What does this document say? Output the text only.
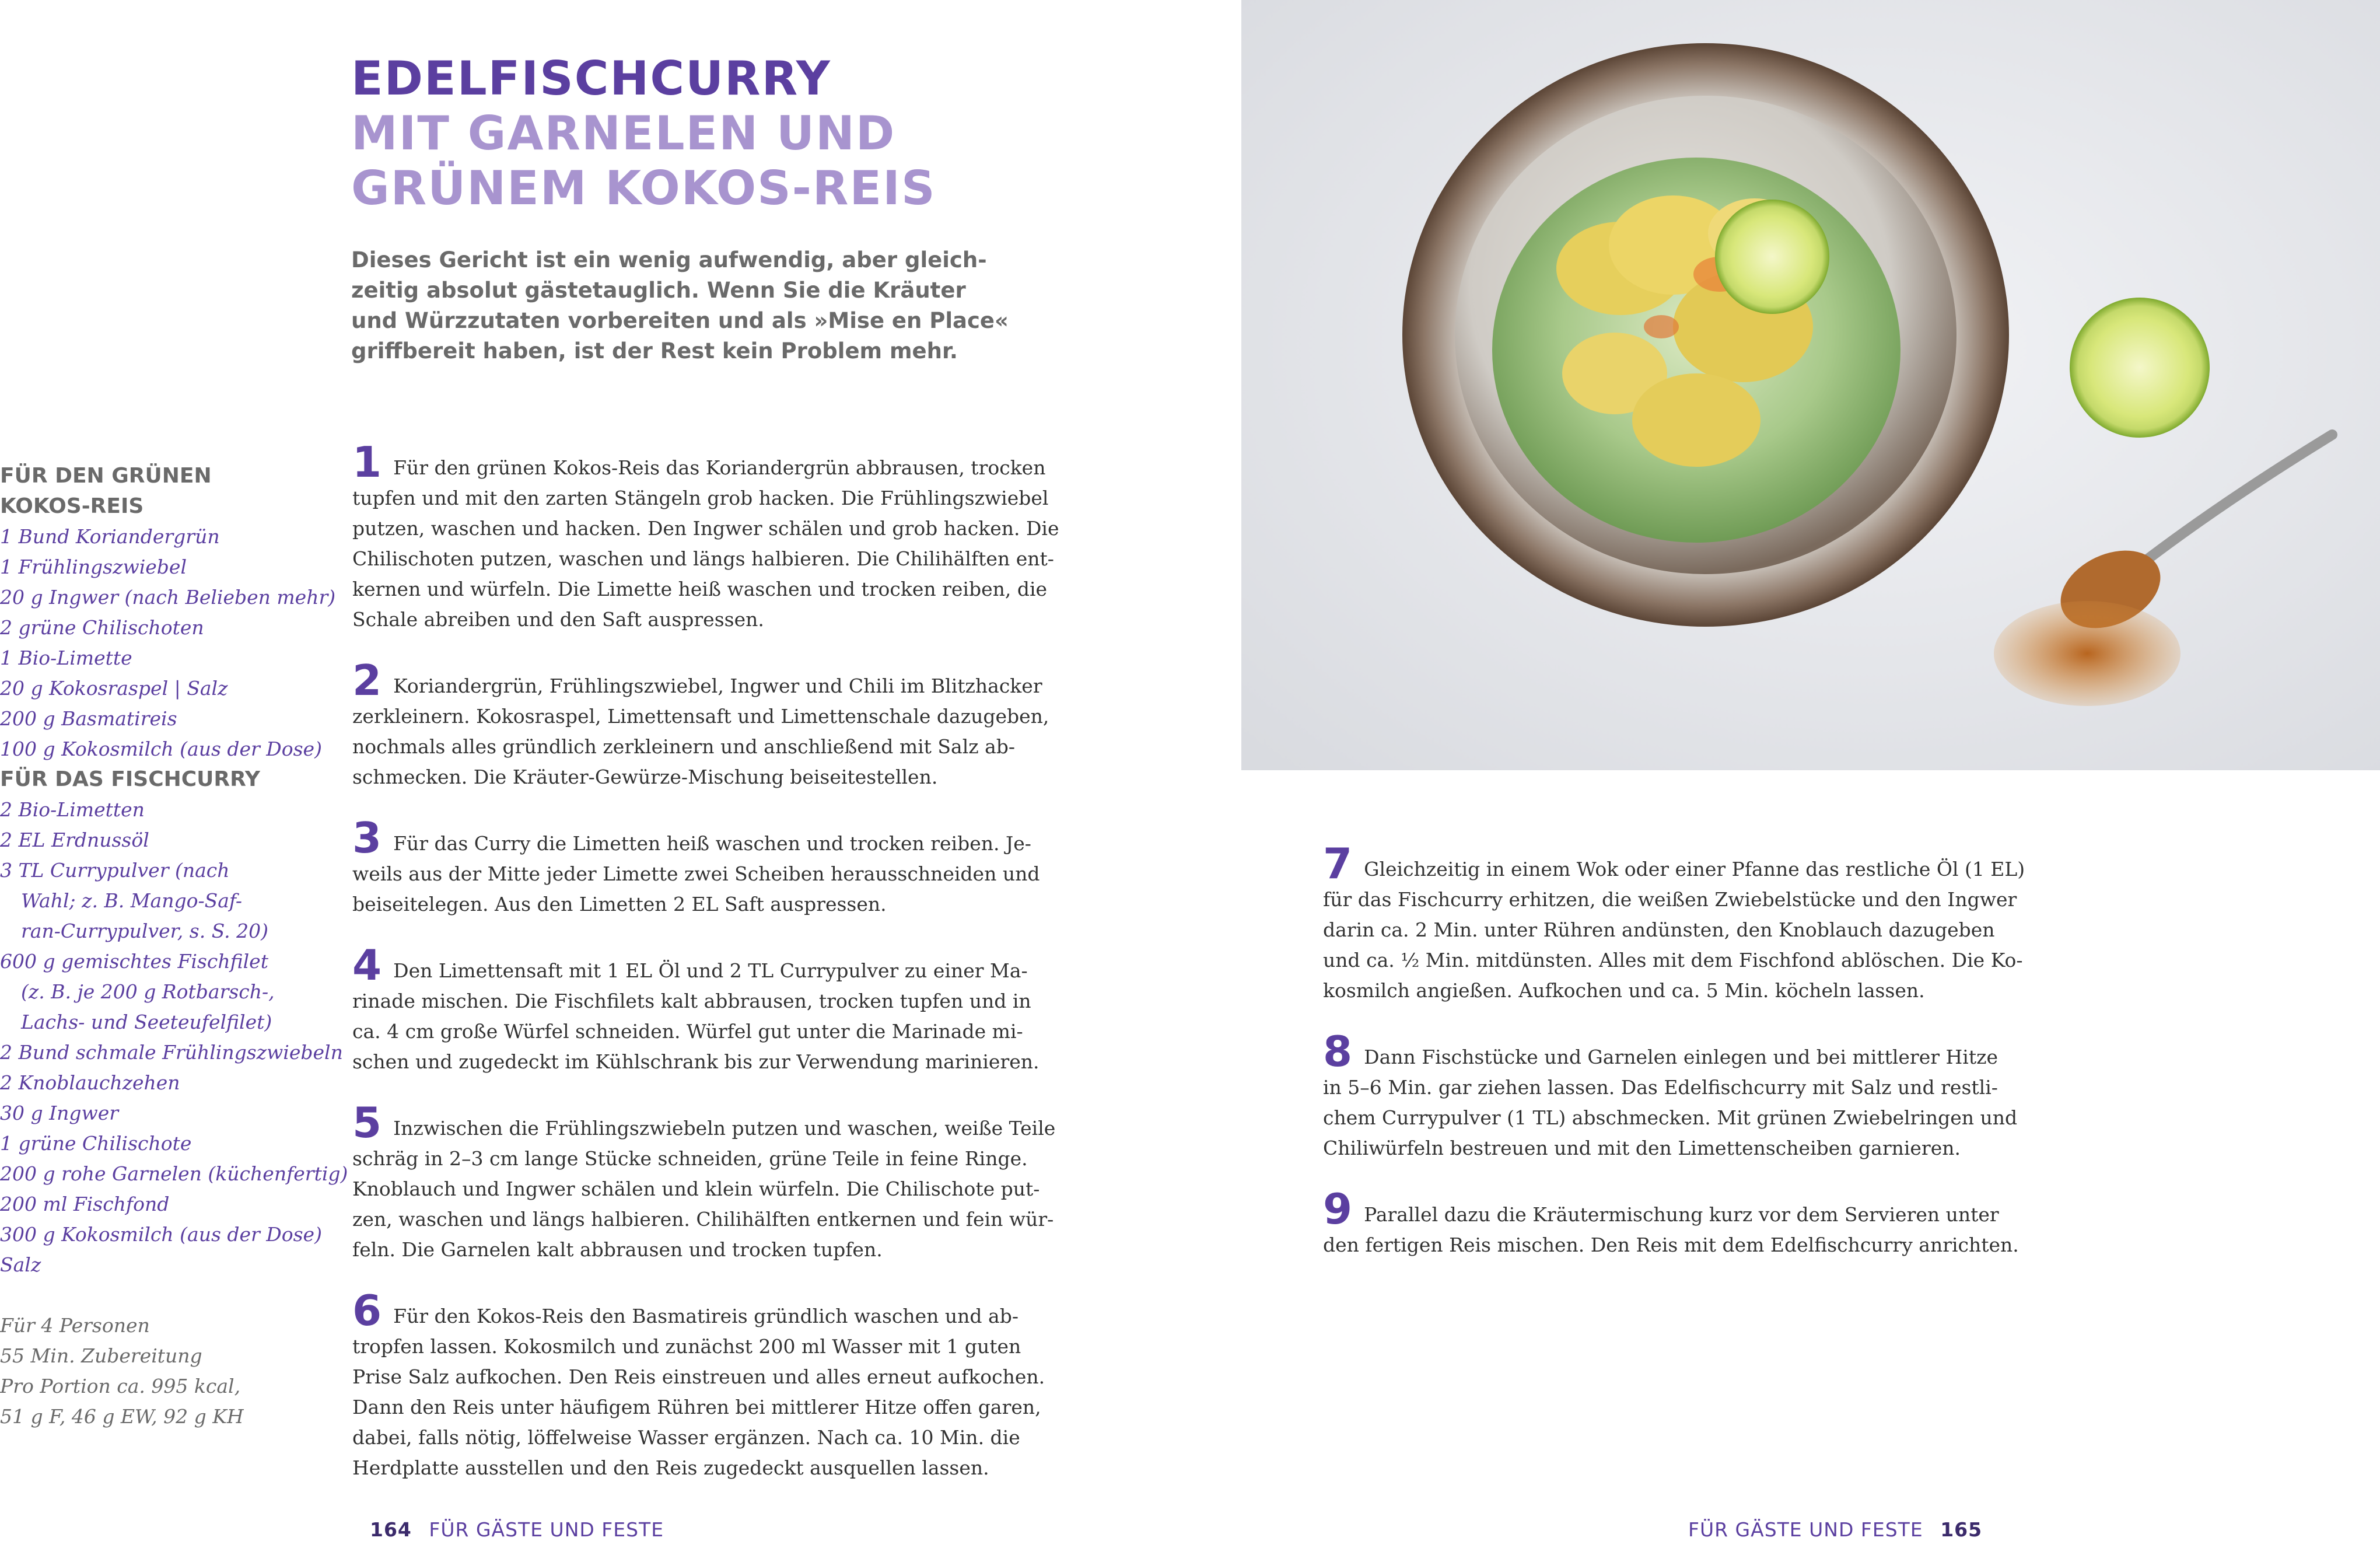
EDELFISCHCURRY
MIT GARNELEN UND
GRÜNEM KOKOS-REIS
Dieses Gericht ist ein wenig aufwendig, aber gleich-
zeitig absolut gästetauglich. Wenn Sie die Kräuter
und Würzzutaten vorbereiten und als »Mise en Place«
griffbereit haben, ist der Rest kein Problem mehr.
FÜR DEN GRÜNEN
KOKOS-REIS
1 Bund Koriandergrün
1 Frühlingszwiebel
20 g Ingwer (nach Belieben mehr)
2 grüne Chilischoten
1 Bio-Limette
20 g Kokosraspel | Salz
200 g Basmatireis
100 g Kokosmilch (aus der Dose)
FÜR DAS FISCHCURRY
2 Bio-Limetten
2 EL Erdnussöl
3 TL Currypulver (nach
Wahl; z. B. Mango-Saf-
ran-Currypulver, s. S. 20)
600 g gemischtes Fischfilet
(z. B. je 200 g Rotbarsch-,
Lachs- und Seeteufelfilet)
2 Bund schmale Frühlingszwiebeln
2 Knoblauchzehen
30 g Ingwer
1 grüne Chilischote
200 g rohe Garnelen (küchenfertig)
200 ml Fischfond
300 g Kokosmilch (aus der Dose)
Salz
Für 4 Personen
55 Min. Zubereitung
Pro Portion ca. 995 kcal,
51 g F, 46 g EW, 92 g KH
1 Für den grünen Kokos-Reis das Koriandergrün abbrausen, trocken
tupfen und mit den zarten Stängeln grob hacken. Die Frühlingszwiebel
putzen, waschen und hacken. Den Ingwer schälen und grob hacken. Die
Chilischoten putzen, waschen und längs halbieren. Die Chilihälften ent-
kernen und würfeln. Die Limette heiß waschen und trocken reiben, die
Schale abreiben und den Saft auspressen.
2 Koriandergrün, Frühlingszwiebel, Ingwer und Chili im Blitzhacker
zerkleinern. Kokosraspel, Limettensaft und Limettenschale dazugeben,
nochmals alles gründlich zerkleinern und anschließend mit Salz ab-
schmecken. Die Kräuter-Gewürze-Mischung beiseitestellen.
3 Für das Curry die Limetten heiß waschen und trocken reiben. Je-
weils aus der Mitte jeder Limette zwei Scheiben herausschneiden und
beiseitelegen. Aus den Limetten 2 EL Saft auspressen.
4 Den Limettensaft mit 1 EL Öl und 2 TL Currypulver zu einer Ma-
rinade mischen. Die Fischfilets kalt abbrausen, trocken tupfen und in
ca. 4 cm große Würfel schneiden. Würfel gut unter die Marinade mi-
schen und zugedeckt im Kühlschrank bis zur Verwendung marinieren.
5 Inzwischen die Frühlingszwiebeln putzen und waschen, weiße Teile
schräg in 2–3 cm lange Stücke schneiden, grüne Teile in feine Ringe.
Knoblauch und Ingwer schälen und klein würfeln. Die Chilischote put-
zen, waschen und längs halbieren. Chilihälften entkernen und fein wür-
feln. Die Garnelen kalt abbrausen und trocken tupfen.
6 Für den Kokos-Reis den Basmatireis gründlich waschen und ab-
tropfen lassen. Kokosmilch und zunächst 200 ml Wasser mit 1 guten
Prise Salz aufkochen. Den Reis einstreuen und alles erneut aufkochen.
Dann den Reis unter häufigem Rühren bei mittlerer Hitze offen garen,
dabei, falls nötig, löffelweise Wasser ergänzen. Nach ca. 10 Min. die
Herdplatte ausstellen und den Reis zugedeckt ausquellen lassen.
7 Gleichzeitig in einem Wok oder einer Pfanne das restliche Öl (1 EL)
für das Fischcurry erhitzen, die weißen Zwiebelstücke und den Ingwer
darin ca. 2 Min. unter Rühren andünsten, den Knoblauch dazugeben
und ca. ½ Min. mitdünsten. Alles mit dem Fischfond ablöschen. Die Ko-
kosmilch angießen. Aufkochen und ca. 5 Min. köcheln lassen.
8 Dann Fischstücke und Garnelen einlegen und bei mittlerer Hitze
in 5–6 Min. gar ziehen lassen. Das Edelfischcurry mit Salz und restli-
chem Currypulver (1 TL) abschmecken. Mit grünen Zwiebelringen und
Chiliwürfeln bestreuen und mit den Limettenscheiben garnieren.
9 Parallel dazu die Kräutermischung kurz vor dem Servieren unter
den fertigen Reis mischen. Den Reis mit dem Edelfischcurry anrichten.
164 FÜR GÄSTE UND FESTE	FÜR GÄSTE UND FESTE 165
